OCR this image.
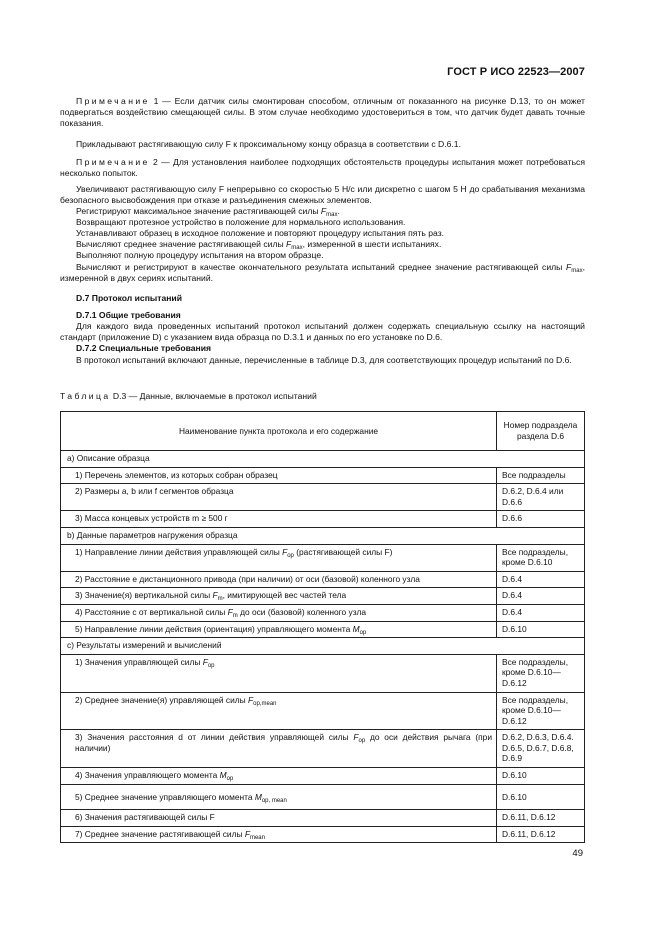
ГОСТ Р ИСО 22523—2007

Примечание 1 — Если датчик силы смонтирован способом, отличным от показанного на рисунке D.13, то он может подвергаться воздействию смещающей силы. В этом случае необходимо удостовериться в том, что датчик будет давать точные показания.

Прикладывают растягивающую силу F к проксимальному концу образца в соответствии с D.6.1.

Примечание 2 — Для установления наиболее подходящих обстоятельств процедуры испытания может потребоваться несколько попыток.

Увеличивают растягивающую силу F непрерывно со скоростью 5 Н/с или дискретно с шагом 5 Н до срабатывания механизма безопасного высвобождения при отказе и разъединения смежных элементов.

Регистрируют максимальное значение растягивающей силы $F_{max}$.

Возвращают протезное устройство в положение для нормального использования.

Устанавливают образец в исходное положение и повторяют процедуру испытания пять раз.

Вычисляют среднее значение растягивающей силы $F_{max}$, измеренной в шести испытаниях.

Выполняют полную процедуру испытания на втором образце.

Вычисляют и регистрируют в качестве окончательного результата испытаний среднее значение растягивающей силы $F_{max}$, измеренной в двух сериях испытаний.

D.7 Протокол испытаний

D.7.1 Общие требования

Для каждого вида проведенных испытаний протокол испытаний должен содержать специальную ссылку на настоящий стандарт (приложение D) с указанием вида образца по D.3.1 и данных по его установке по D.6.

D.7.2 Специальные требования

В протокол испытаний включают данные, перечисленные в таблице D.3, для соответствующих процедур испытаний по D.6.

Таблица D.3 — Данные, включаемые в протокол испытаний

Наименование пункта протокола и его содержание	Номер подраздела раздела D.6
а) Описание образца	
1) Перечень элементов, из которых собран образец	Все подразделы
2) Размеры a, b или f сегментов образца	D.6.2, D.6.4 или D.6.6
3) Масса концевых устройств m ≥ 500 г	D.6.6
b) Данные параметров нагружения образца	
1) Направление линии действия управляющей силы $F_{op}$ (растягивающей силы F)	Все подразделы, кроме D.6.10
2) Расстояние e дистанционного привода (при наличии) от оси (базовой) коленного узла	D.6.4
3) Значение(я) вертикальной силы $F_m$, имитирующей вес частей тела	D.6.4
4) Расстояние c от вертикальной силы $F_m$ до оси (базовой) коленного узла	D.6.4
5) Направление линии действия (ориентация) управляющего момента $M_{op}$	D.6.10
c) Результаты измерений и вычислений	
1) Значения управляющей силы $F_{op}$	Все подразделы, кроме D.6.10—D.6.12
2) Среднее значение(я) управляющей силы $F_{op,mean}$	Все подразделы, кроме D.6.10—D.6.12
3) Значения расстояния d от линии действия управляющей силы $F_{op}$ до оси действия рычага (при наличии)	D.6.2, D.6.3, D.6.4. D.6.5, D.6.7, D.6.8, D.6.9
4) Значения управляющего момента $M_{op}$	D.6.10
5) Среднее значение управляющего момента $M_{op, mean}$	D.6.10
6) Значения растягивающей силы F	D.6.11, D.6.12
7) Среднее значение растягивающей силы $F_{mean}$	D.6.11, D.6.12
49
